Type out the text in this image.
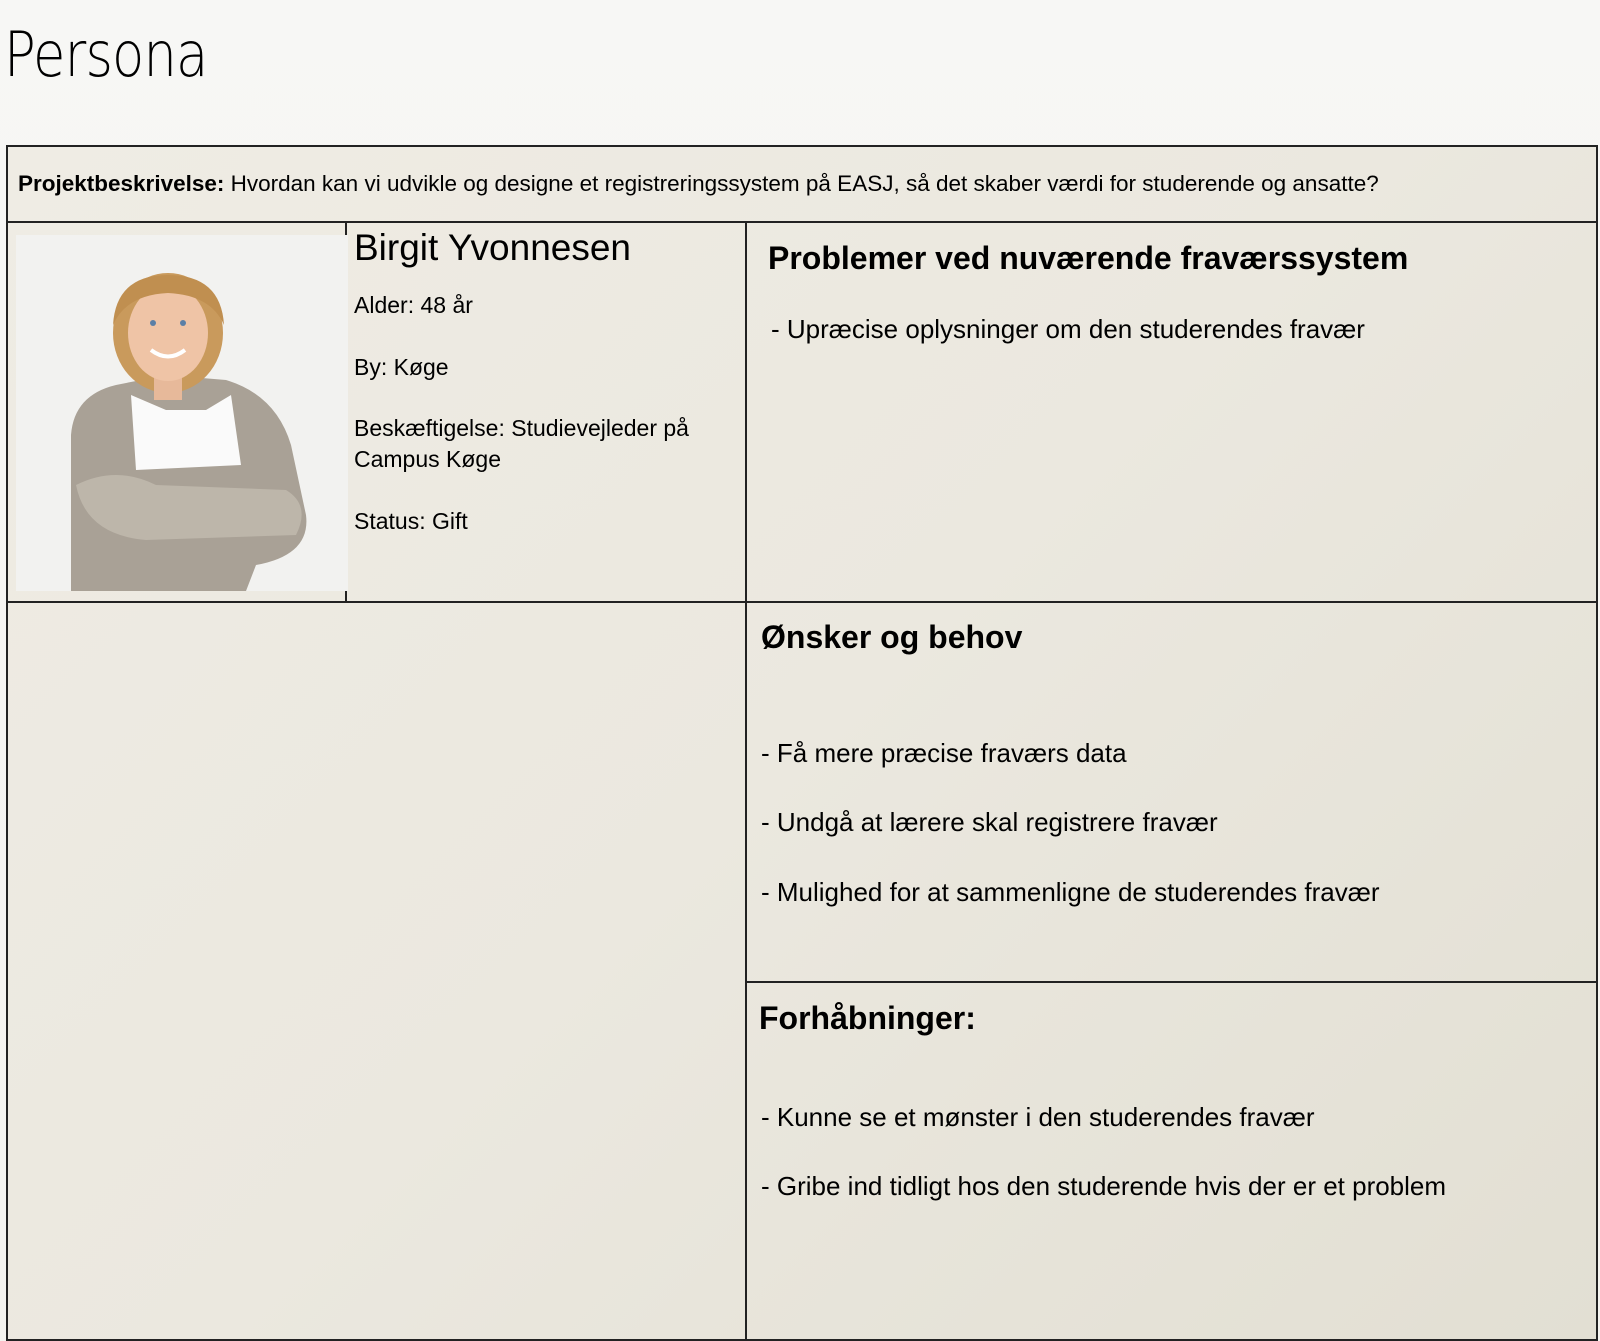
Persona
Projektbeskrivelse: Hvordan kan vi udvikle og designe et registreringssystem på EASJ, så det skaber værdi for studerende og ansatte?
Birgit Yvonnesen
Alder: 48 år
By: Køge
Beskæftigelse: Studievejleder på
Campus Køge
Status: Gift
Problemer ved nuværende fraværssystem
- Upræcise oplysninger om den studerendes fravær
Ønsker og behov
- Få mere præcise fraværs data
- Undgå at lærere skal registrere fravær
- Mulighed for at sammenligne de studerendes fravær
Forhåbninger:
- Kunne se et mønster i den studerendes fravær
- Gribe ind tidligt hos den studerende hvis der er et problem
